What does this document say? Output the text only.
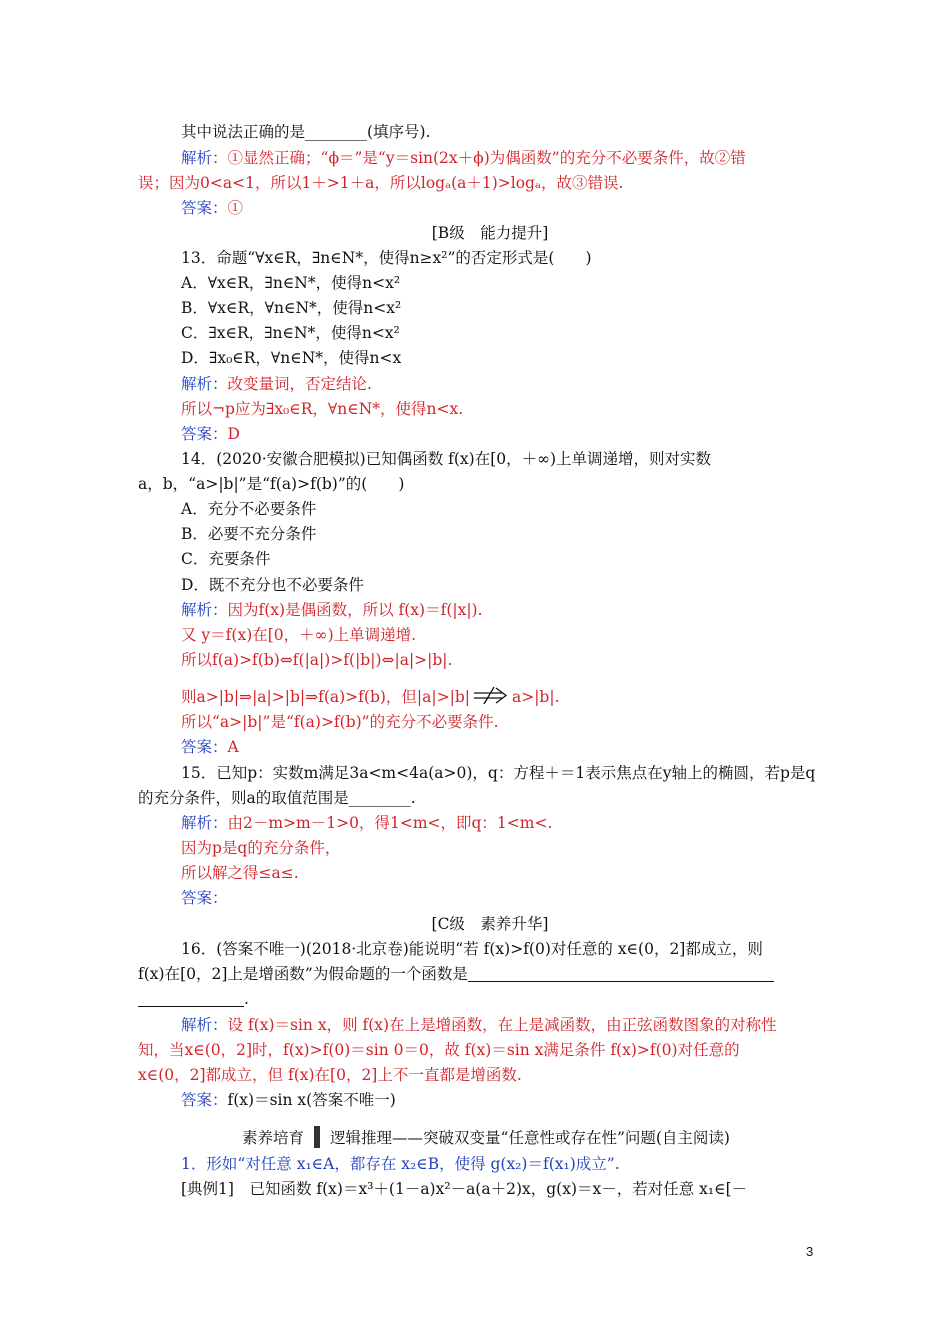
其中说法正确的是________(填序号).
解析：①显然正确；“ϕ＝”是“y＝sin(2x＋ϕ)为偶函数”的充分不必要条件，故②错
误；因为0<a<1，所以1＋>1＋a，所以logₐ(a＋1)>logₐ，故③错误.
答案：①
[B级　能力提升]
13．命题“∀x∈R，∃n∈N*，使得n≥x²”的否定形式是(　　)
A．∀x∈R，∃n∈N*，使得n<x²
B．∀x∈R，∀n∈N*，使得n<x²
C．∃x∈R，∃n∈N*，使得n<x²
D．∃x₀∈R，∀n∈N*，使得n<x
解析：改变量词，否定结论.
所以¬p应为∃x₀∈R，∀n∈N*，使得n<x.
答案：D
14．(2020·安徽合肥模拟)已知偶函数 f(x)在[0，＋∞)上单调递增，则对实数
a，b，“a>|b|”是“f(a)>f(b)”的(　　)
A．充分不必要条件
B．必要不充分条件
C．充要条件
D．既不充分也不必要条件
解析：因为f(x)是偶函数，所以 f(x)＝f(|x|).
又 y＝f(x)在[0，＋∞)上单调递增.
所以f(a)>f(b)⇔f(|a|)>f(|b|)⇔|a|>|b|.
则a>|b|⇒|a|>|b|⇒f(a)>f(b)，但|a|>|b|	a>|b|.
所以“a>|b|”是“f(a)>f(b)”的充分不必要条件.
答案：A
15．已知p：实数m满足3a<m<4a(a>0)，q：方程＋＝1表示焦点在y轴上的椭圆，若p是q
的充分条件，则a的取值范围是________.
解析：由2－m>m－1>0，得1<m<，即q：1<m<.
因为p是q的充分条件，
所以解之得≤a≤.
答案：
[C级　素养升华]
16．(答案不唯一)(2018·北京卷)能说明“若 f(x)>f(0)对任意的 x∈(0，2]都成立，则
f(x)在[0，2]上是增函数”为假命题的一个函数是
.
解析：设 f(x)＝sin x，则 f(x)在上是增函数，在上是减函数，由正弦函数图象的对称性
知，当x∈(0，2]时，f(x)>f(0)＝sin 0＝0，故 f(x)＝sin x满足条件 f(x)>f(0)对任意的
x∈(0，2]都成立，但 f(x)在[0，2]上不一直都是增函数.
答案：f(x)＝sin x(答案不唯一)
素养培育 逻辑推理——突破双变量“任意性或存在性”问题(自主阅读)
1．形如“对任意 x₁∈A，都存在 x₂∈B，使得 g(x₂)＝f(x₁)成立”.
[典例1]　已知函数 f(x)＝x³＋(1－a)x²－a(a＋2)x，g(x)＝x－，若对任意 x₁∈[－
3
